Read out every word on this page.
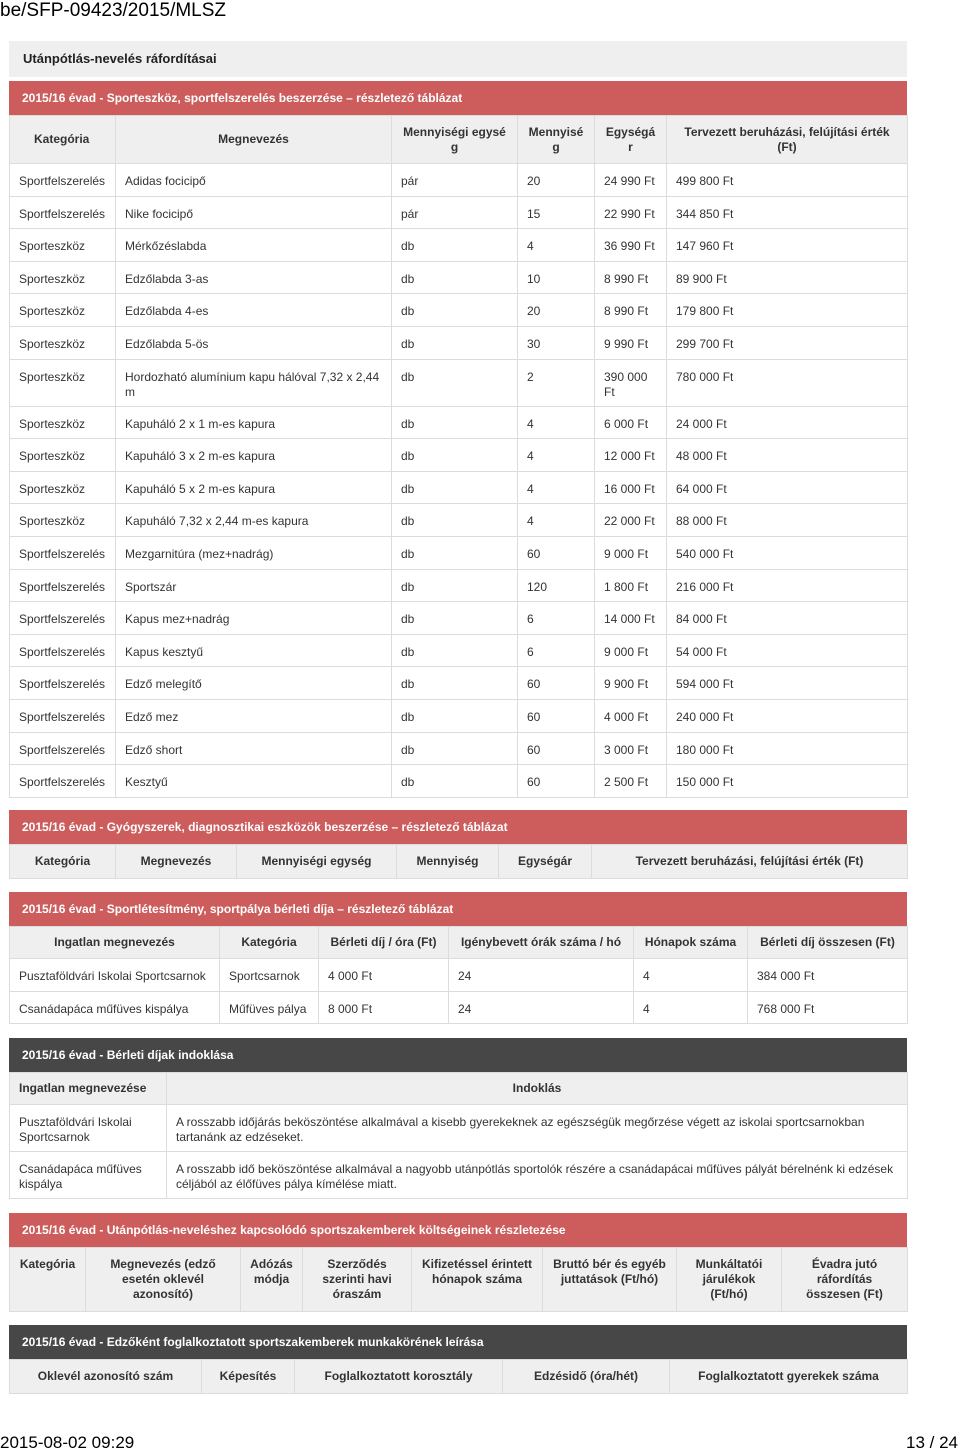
be/SFP-09423/2015/MLSZ
Utánpótlás-nevelés ráfordításai
2015/16 évad - Sporteszköz, sportfelszerelés beszerzése – részletező táblázat
Kategória	Megnevezés	Mennyiségi egysé g	Mennyisé g	Egységá r	Tervezett beruházási, felújítási érték (Ft)
Sportfelszerelés	Adidas focicipő	pár	20	24 990 Ft	499 800 Ft
Sportfelszerelés	Nike focicipő	pár	15	22 990 Ft	344 850 Ft
Sporteszköz	Mérkőzéslabda	db	4	36 990 Ft	147 960 Ft
Sporteszköz	Edzőlabda 3-as	db	10	8 990 Ft	89 900 Ft
Sporteszköz	Edzőlabda 4-es	db	20	8 990 Ft	179 800 Ft
Sporteszköz	Edzőlabda 5-ös	db	30	9 990 Ft	299 700 Ft
Sporteszköz	Hordozható alumínium kapu hálóval 7,32 x 2,44 m	db	2	390 000 Ft	780 000 Ft
Sporteszköz	Kapuháló 2 x 1 m-es kapura	db	4	6 000 Ft	24 000 Ft
Sporteszköz	Kapuháló 3 x 2 m-es kapura	db	4	12 000 Ft	48 000 Ft
Sporteszköz	Kapuháló 5 x 2 m-es kapura	db	4	16 000 Ft	64 000 Ft
Sporteszköz	Kapuháló 7,32 x 2,44 m-es kapura	db	4	22 000 Ft	88 000 Ft
Sportfelszerelés	Mezgarnitúra (mez+nadrág)	db	60	9 000 Ft	540 000 Ft
Sportfelszerelés	Sportszár	db	120	1 800 Ft	216 000 Ft
Sportfelszerelés	Kapus mez+nadrág	db	6	14 000 Ft	84 000 Ft
Sportfelszerelés	Kapus kesztyű	db	6	9 000 Ft	54 000 Ft
Sportfelszerelés	Edző melegítő	db	60	9 900 Ft	594 000 Ft
Sportfelszerelés	Edző mez	db	60	4 000 Ft	240 000 Ft
Sportfelszerelés	Edző short	db	60	3 000 Ft	180 000 Ft
Sportfelszerelés	Kesztyű	db	60	2 500 Ft	150 000 Ft
2015/16 évad - Gyógyszerek, diagnosztikai eszközök beszerzése – részletező táblázat
Kategória	Megnevezés	Mennyiségi egység	Mennyiség	Egységár	Tervezett beruházási, felújítási érték (Ft)
2015/16 évad - Sportlétesítmény, sportpálya bérleti díja – részletező táblázat
Ingatlan megnevezés	Kategória	Bérleti díj / óra (Ft)	Igénybevett órák száma / hó	Hónapok száma	Bérleti díj összesen (Ft)
Pusztaföldvári Iskolai Sportcsarnok	Sportcsarnok	4 000 Ft	24	4	384 000 Ft
Csanádapáca műfüves kispálya	Műfüves pálya	8 000 Ft	24	4	768 000 Ft
2015/16 évad - Bérleti díjak indoklása
Ingatlan megnevezése	Indoklás
Pusztaföldvári Iskolai Sportcsarnok	A rosszabb időjárás beköszöntése alkalmával a kisebb gyerekeknek az egészségük megőrzése végett az iskolai sportcsarnokban tartanánk az edzéseket.
Csanádapáca műfüves kispálya	A rosszabb idő beköszöntése alkalmával a nagyobb utánpótlás sportolók részére a csanádapácai műfüves pályát bérelnénk ki edzések céljából az élőfüves pálya kímélése miatt.
2015/16 évad - Utánpótlás-neveléshez kapcsolódó sportszakemberek költségeinek részletezése
Kategória	Megnevezés (edző esetén oklevél azonosító)	Adózás módja	Szerződés szerinti havi óraszám	Kifizetéssel érintett hónapok száma	Bruttó bér és egyéb juttatások (Ft/hó)	Munkáltatói járulékok (Ft/hó)	Évadra jutó ráfordítás összesen (Ft)
2015/16 évad - Edzőként foglalkoztatott sportszakemberek munkakörének leírása
Oklevél azonosító szám	Képesítés	Foglalkoztatott korosztály	Edzésidő (óra/hét)	Foglalkoztatott gyerekek száma
2015-08-02 09:29	13 / 24
